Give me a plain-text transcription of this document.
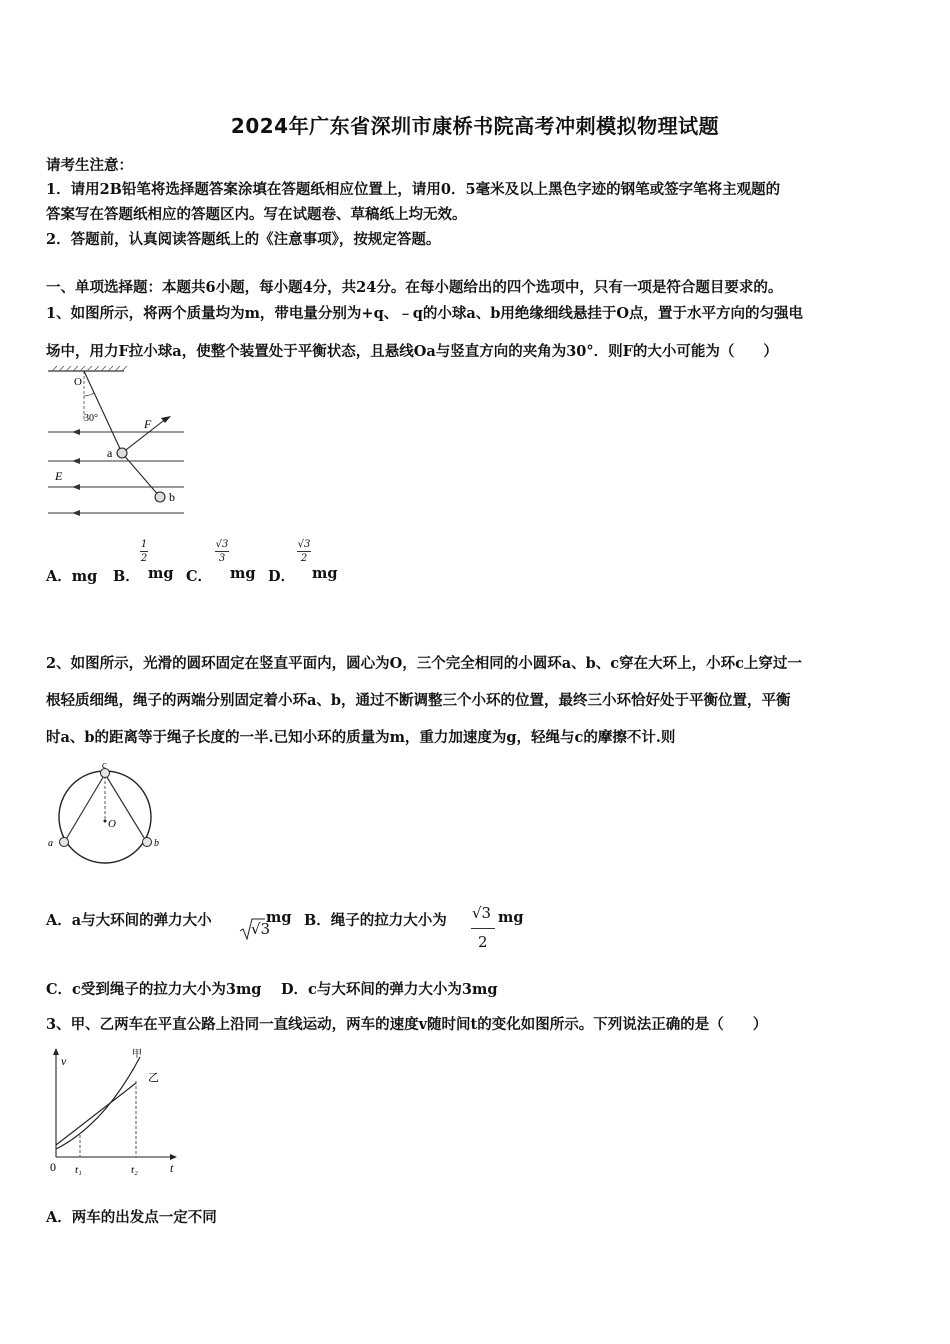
2024年广东省深圳市康桥书院高考冲刺模拟物理试题
请考生注意：
1．请用2B铅笔将选择题答案涂填在答题纸相应位置上，请用0．5毫米及以上黑色字迹的钢笔或签字笔将主观题的
答案写在答题纸相应的答题区内。写在试题卷、草稿纸上均无效。
2．答题前，认真阅读答题纸上的《注意事项》，按规定答题。
一、单项选择题：本题共6小题，每小题4分，共24分。在每小题给出的四个选项中，只有一项是符合题目要求的。
1、如图所示，将两个质量均为m，带电量分别为+q、﹣q的小球a、b用绝缘细线悬挂于O点，置于水平方向的匀强电
场中，用力F拉小球a，使整个装置处于平衡状态，且悬线Oa与竖直方向的夹角为30°．则F的大小可能为（　　）
O
30°	F
E
a
b
A．mg B．
1
2
mg C．
√3
3
mg D．
√3
2
mg
2、如图所示，光滑的圆环固定在竖直平面内，圆心为O，三个完全相同的小圆环a、b、c穿在大环上，小环c上穿过一
根轻质细绳，绳子的两端分别固定着小环a、b，通过不断调整三个小环的位置，最终三小环恰好处于平衡位置，平衡
时a、b的距离等于绳子长度的一半.已知小环的质量为m，重力加速度为g，轻绳与c的摩擦不计.则
O
c
a	b
A．a与大环间的弹力大小	√3
mg B．绳子的拉力大小为 √3
2
mg
C．c受到绳子的拉力大小为3mg　 D．c与大环间的弹力大小为3mg
3、甲、乙两车在平直公路上沿同一直线运动，两车的速度v随时间t的变化如图所示。下列说法正确的是（　　）
v
t
0 t₁	t₂
甲
乙
A．两车的出发点一定不同
